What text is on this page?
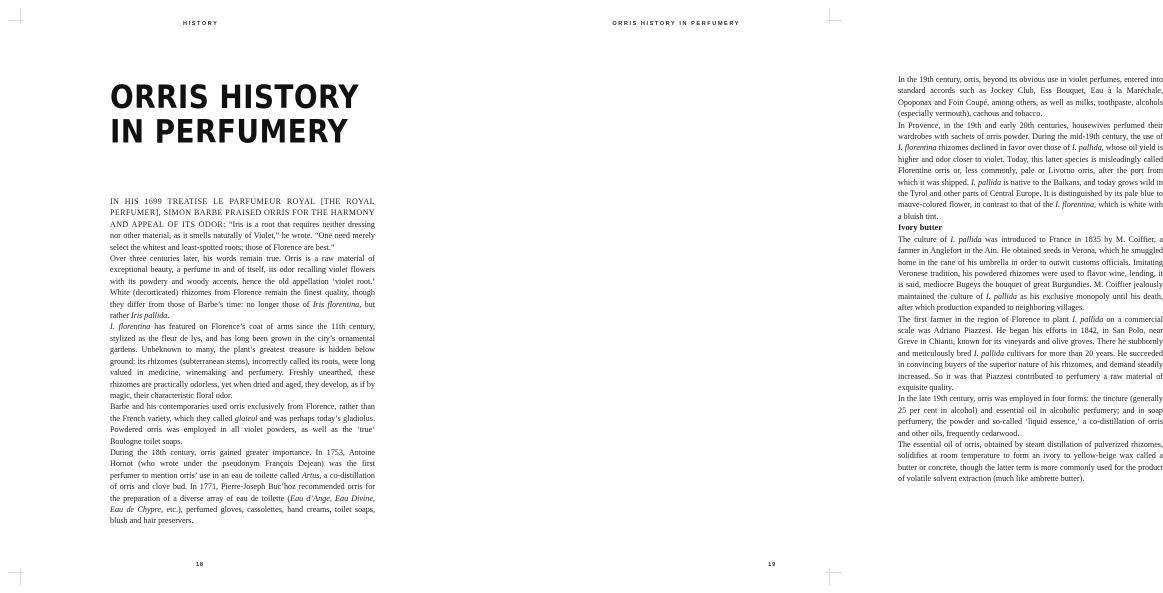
HISTORY
ORRIS HISTORY
IN PERFUMERY

IN HIS 1699 TREATISE LE PARFUMEUR ROYAL [THE ROYAL PERFUMER], SIMON BARBE PRAISED ORRIS FOR THE HARMONY AND APPEAL OF ITS ODOR: “Iris is a root that requires neither dressing nor other material, as it smells naturally of Violet,” he wrote. “One need merely select the whitest and least-spotted roots; those of Florence are best.”

Over three centuries later, his words remain true. Orris is a raw material of exceptional beauty, a perfume in and of itself, its odor recalling violet flowers with its powdery and woody accents, hence the old appellation ‘violet root.’ White (decorticated) rhizomes from Florence remain the finest quality, though they differ from those of Barbe’s time: no longer those of Iris florentina, but rather Iris pallida.

I. florentina has featured on Florence’s coat of arms since the 11th century, stylized as the fleur de lys, and has long been grown in the city’s ornamental gardens. Unbeknown to many, the plant’s greatest treasure is hidden below ground: its rhizomes (subterranean stems), incorrectly called its roots, were long valued in medicine, winemaking and perfumery. Freshly unearthed, these rhizomes are practically odorless, yet when dried and aged, they develop, as if by magic, their characteristic floral odor.

Barbe and his contemporaries used orris exclusively from Florence, rather than the French variety, which they called glaieul and was perhaps today’s gladiolus. Powdered orris was employed in all violet powders, as well as the ‘true’ Boulogne toilet soaps.

During the 18th century, orris gained greater importance. In 1753, Antoine Hornot (who wrote under the pseudonym François Dejean) was the first perfumer to mention orris’ use in an eau de toilette called Artus, a co-distillation of orris and clove bud. In 1771, Pierre-Joseph Buc’hoz recommended orris for the preparation of a diverse array of eau de toilette (Eau d’Ange, Eau Divine, Eau de Chypre, etc.), perfumed gloves, cassolettes, hand creams, toilet soaps, blush and hair preservers.

18
ORRIS HISTORY IN PERFUMERY

In the 19th century, orris, beyond its obvious use in violet perfumes, entered into standard accords such as Jockey Club, Ess Bouquet, Eau à la Maréchale, Opoponax and Foin Coupé, among others, as well as milks, toothpaste, alcohols (especially vermouth), cachous and tobacco.

In Provence, in the 19th and early 20th centuries, housewives perfumed their wardrobes with sachets of orris powder. During the mid-19th century, the use of I. florentina rhizomes declined in favor over those of I. pallida, whose oil yield is higher and odor closer to violet. Today, this latter species is misleadingly called Florentine orris or, less commonly, pale or Livorno orris, after the port from which it was shipped. I. pallida is native to the Balkans, and today grows wild in the Tyrol and other parts of Central Europe. It is distinguished by its pale blue to mauve-colored flower, in contrast to that of the I. florentina, which is white with a bluish tint.

Ivory butter

The culture of I. pallida was introduced to France in 1835 by M. Coiffier, a farmer in Anglefort in the Ain. He obtained seeds in Verona, which he smuggled home in the cane of his umbrella in order to outwit customs officials. Imitating Veronese tradition, his powdered rhizomes were used to flavor wine, lending, it is said, mediocre Bugeys the bouquet of great Burgundies. M. Coiffier jealously maintained the culture of I. pallida as his exclusive monopoly until his death, after which production expanded to neighboring villages.

The first farmer in the region of Florence to plant I. pallida on a commercial scale was Adriano Piazzesi. He began his efforts in 1842, in San Polo, near Greve in Chianti, known for its vineyards and olive groves. There he stubbornly and meticulously bred I. pallida cultivars for more than 20 years. He succeeded in convincing buyers of the superior nature of his rhizomes, and demand steadily increased. So it was that Piazzesi contributed to perfumery a raw material of exquisite quality.

In the late 19th century, orris was employed in four forms: the tincture (generally 25 per cent in alcohol) and essential oil in alcoholic perfumery; and in soap perfumery, the powder and so-called ‘liquid essence,’ a co-distillation of orris and other oils, frequently cedarwood.

The essential oil of orris, obtained by steam distillation of pulverized rhizomes, solidifies at room temperature to form an ivory to yellow-beige wax called a butter or concrete, though the latter term is more commonly used for the product of volatile solvent extraction (much like ambrette butter).

19
